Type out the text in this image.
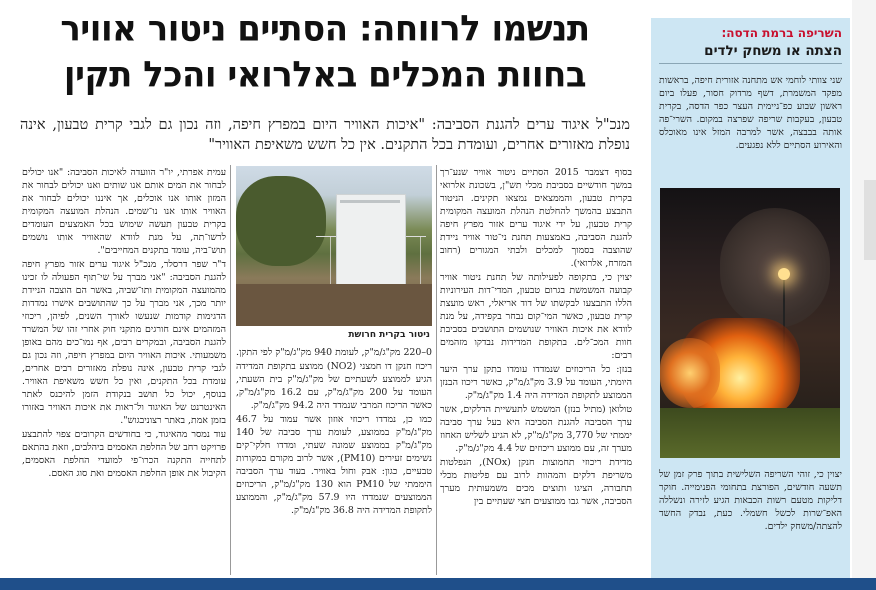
תנשמו לרווחה: הסתיים ניטור אוויר
בחוות המכלים באלרואי והכל תקין
מנכ"ל איגוד ערים להגנת הסביבה: "איכות האוויר היום במפרץ חיפה, וזה נכון גם לגבי קרית טבעון, אינה נופלת מאזורים אחרים, ועומדת בכל התקנים. אין כל חשש משאיפת האוויר"

בסוף דצמבר 2015 הסתיים ניטור אוויר שנע־רך במשך חודשיים בסביבת מכלי תש"ן, בשכונת אלרואי בקרית טבעון, והממצאים נמצאו תקינים. הניטור התבצע בהמשך להחלטת הנהלת המועצה המקומית קרית טבעון, על ידי איגוד ערים אזור מפרץ חיפה להגנת הסביבה, באמצעות תחנת ני־טור אוויר ניידת שהוצבה בסמוך למכלים ולבתי המגורים (רחוב המזרח, אלרואי).

יצוין כי, בתקופה לפעילותה של תחנת ניטור אוויר קבועה המשמשת בגרום טבעון, המדי־דות העירוניות הללו התבצעו לבקשתו של דוד אריאלי, ראש מועצת קרית טבעון, כאשר המי־קום נבחר בקפידה, על מנת לוודא את איכות האוויר שנושמים התושבים בסביבת חוות המכ־לים. בתקופת המדידות נבדקו מזהמים רבים:

בנזן: כל הריכוזים שנמדדו עומדו בתקן ערך היעד היומתי, העומד על 3.9 מק"ג/מ"ק, כאשר ריכוז הבנזן הממוצע לתקופת המדידה היה 1.4 מק"ג/מ"ק.

טולואן (מתיל בנזן) המשמש לתעשיית הדלקים, אשר ערך הסביבה להגנת הסביבה היא בעל ערך סביבה יממתי של 3,770 מק"ג/מ"ק, לא הגיע לשליש האחוז מערך זה, עם ממוצע ריכוזים של 4.4 מק"ג/מ"ק.

מדידת ריכוזי תחמוצות חנקן (NOx), הנפלטות משריפת דלקים והמהוות לרוב עם פליטות מכלי תחבורה, הציגו ותוצים מכים משמעותית מערך הסביבה, אשר גבו ממוצעים חצי שעתיים בין

ניטור בקרית חרושת

0–220 מק"ג/מ"ק, לעומת 940 מק"ג/מ"ק לפי התקן.

ריכוז חנקן דו חמצני (NO2) ממוצע בתקופת המדידה הגיע לממוצע לשעתיים של מק"ג/מ"ק בית השעתי, העומד על 200 מק"ג/מ"ק, עם 16.2 מק"ג/מ"ק, כאשר הריכוז המרבי שנמדד היה 94.2 מק"ג/מ"ק.

כמו כן, נמדדו ריכוזי אוזון אשר עמוד על 46.7 מק"ג/מ"ק בממוצע, לעומת ערך סביבה של 140 מק"ג/מ"ק בממוצע שמונה שעתי, ומדדו חלקי־קים נשימים זעירים (PM10), אשר לרוב מקורם במקורות טבעיים, כגון: אבק וחול באוויר. בעוד ערך הסביבה היממתי של PM10 הוא 130 מק"ג/מ"ק, הריכוזים הממוצעים שנמדדו היו 57.9 מק"ג/מ"ק, והממוצע לתקופת המדידה היה 36.8 מק"ג/מ"ק.

עמית אפרתי, יו"ר הוועדה לאיכות הסביבה: "אנו יכולים לבחור את המים אותם אנו שותים ואנו יכולים לבחור את המזון אותו אנו אוכלים, אך איננו יכולים לבחור את האוויר אותו אנו נו־שמים. הנהלת המועצה המקומית בקרית טבעון תעשה שימוש בכל האמצעים העומדים לרשו־תה, על מנת לוודא שהאוויר אותו נושמים תוש־ביה, עומד בתקנים המחייבים".

ד"ר שפר דרסלר, מנכ"ל איגוד ערים אזור מפרץ חיפה להגנת הסביבה: "אני מברך על שי־תוף הפעולה לו זכינו מהמועצה המקומית ותו־שביה, באשר הם הוצבה הניידת יותר מכך, אני מברך על כך שהתושבים אישרו נמדדות הדגימות קודמות שנעשו לאורך השנים, לפיהן, ריכוזי המזהמים אינם חורגים מתקני חוק אחרי זהו של המשרד להגנת הסביבה, ובמקרים רבים, אף נמו־כים מהם באופן משמעותי. איכות האוויר היום במפרץ חיפה, וזה נכון גם לגבי קרית טבעון, אינה נופלת מאזורים רבים אחרים, עומדת בכל התקנים, ואין כל חשש משאיפת האוויר. בנוסף, יכול כל תושב בנקודת הזמן להיכנס לאתר האינטרנט של האיגוד ול־ראות את איכות האוויר באזורו בזמן אמת, באתר רצוניבגוש".

עוד נמסר מהאיגוד, כי בחודשים הקרובים צפוי להתבצע פרויקט רחב של החלפת האסמים ביהלבים, וזאת בהתאם לתחייה התקנה הכרו־פי למועדי החלפת האסמים, הקיבול את אופן החלפת האסמים ואת סוג האסם.

השריפה ברמת הדסה:
הצתה או משחק ילדים
שני צוותי לוחמי אש מתחנה אזורית חיפה, בראשות מפקד המשמרת, דשף מרדוק חסור, פעלו ביום ראשון שבוע כפ־ניימית העצר כפר הדסה, בקרית טבעון, בעקבות שריפה שפרצה במקום. השרי־פה אותה בבבצה, אשר למרבה המזל אינו מאוכלס והאירוע הסתיים ללא נפגעים.
יצוין כי, זוהי השריפה השלישית בתוך פרק זמן של תשעה חודשים, הפורצת בתחומי הפנימייה. חוקר דליקות מטעם רשות הכבאות הגיע לזירה ונשללה האפ־שרות לכשל חשמלי. כעת, נבדק החשד להצתה/משחק ילדים.
